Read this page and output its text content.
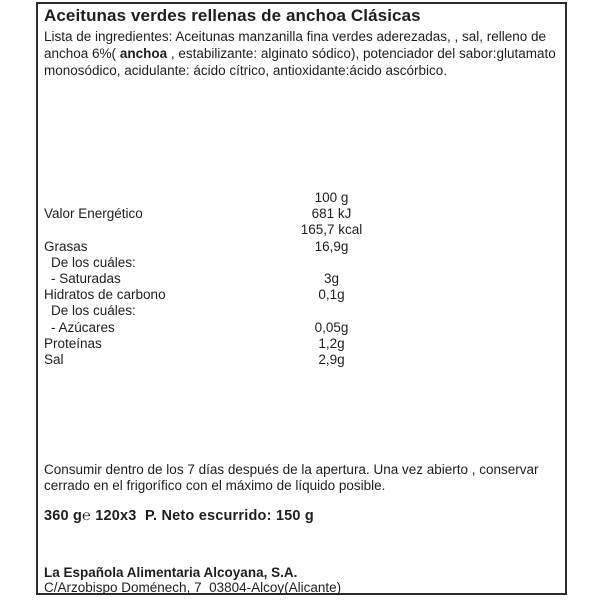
Aceitunas verdes rellenas de anchoa Clásicas

Lista de ingredientes: Aceitunas manzanilla fina verdes aderezadas, , sal, relleno de anchoa 6%( anchoa , estabilizante: alginato sódico), potenciador del sabor:glutamato monosódico, acidulante: ácido cítrico, antioxidante:ácido ascórbico.

100 g
Valor Energético	681 kJ
165,7 kcal
Grasas	16,9g
De los cuáles:
- Saturadas	3g
Hidratos de carbono	0,1g
De los cuáles:
- Azúcares	0,05g
Proteínas	1,2g
Sal	2,9g

Consumir dentro de los 7 días después de la apertura. Una vez abierto , conservar cerrado en el frigorífico con el máximo de líquido posible.

360 g℮ 120x3  P. Neto escurrido: 150 g

La Española Alimentaria Alcoyana, S.A.
C/Arzobispo Doménech, 7  03804-Alcoy(Alicante)
